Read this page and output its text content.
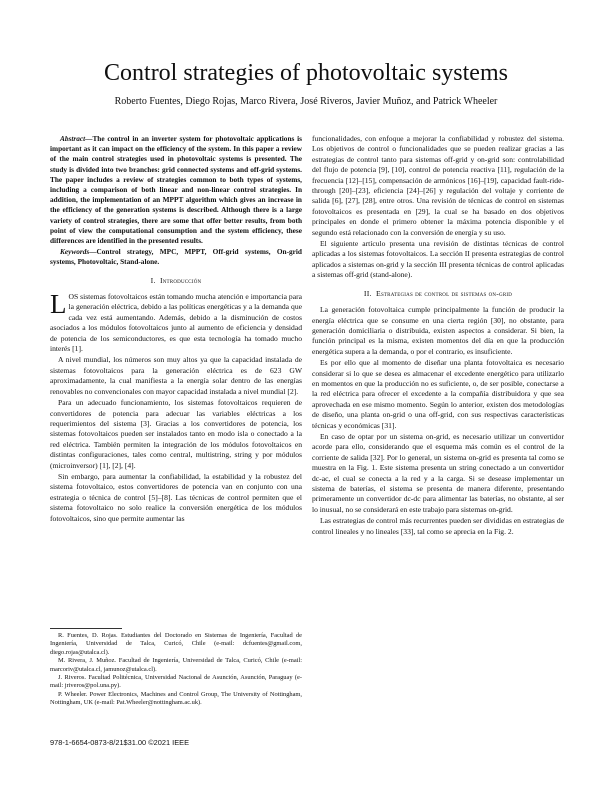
Control strategies of photovoltaic systems
Roberto Fuentes, Diego Rojas, Marco Rivera, José Riveros, Javier Muñoz, and Patrick Wheeler

Abstract—The control in an inverter system for photovoltaic applications is important as it can impact on the efficiency of the system. In this paper a review of the main control strategies used in photovoltaic systems is presented. The study is divided into two branches: grid connected systems and off-grid systems. The paper includes a review of strategies common to both types of systems, including a comparison of both linear and non-linear control strategies. In addition, the implementation of an MPPT algorithm which gives an increase in the efficiency of the generation systems is described. Although there is a large variety of control strategies, there are some that offer better results, from both point of view the computational consumption and the system efficiency, these differences are identified in the presented results.

Keywords—Control strategy, MPC, MPPT, Off-grid systems, On-grid systems, Photovoltaic, Stand-alone.

I. Introducción

LOS sistemas fotovoltaicos están tomando mucha atención e importancia para la generación eléctrica, debido a las políticas energéticas y a la demanda que cada vez está aumentando. Además, debido a la disminución de costos asociados a los módulos fotovoltaicos junto al aumento de eficiencia y densidad de potencia de los semiconductores, es que esta tecnología ha tomado mucho interés [1].

A nivel mundial, los números son muy altos ya que la capacidad instalada de sistemas fotovoltaicos para la generación eléctrica es de 623 GW aproximadamente, la cual manifiesta a la energía solar dentro de las energías renovables no convencionales con mayor capacidad instalada a nivel mundial [2].

Para un adecuado funcionamiento, los sistemas fotovoltaicos requieren de convertidores de potencia para adecuar las variables eléctricas a los requerimientos del sistema [3]. Gracias a los convertidores de potencia, los sistemas fotovoltaicos pueden ser instalados tanto en modo isla o conectado a la red eléctrica. También permiten la integración de los módulos fotovoltaicos en distintas configuraciones, tales como central, multistring, string y por módulos (microinversor) [1], [2], [4].

Sin embargo, para aumentar la confiabilidad, la estabilidad y la robustez del sistema fotovoltaico, estos convertidores de potencia van en conjunto con una estrategia o técnica de control [5]–[8]. Las técnicas de control permiten que el sistema fotovoltaico no solo realice la conversión energética de los módulos fotovoltaicos, sino que permite aumentar las

R. Fuentes, D. Rojas. Estudiantes del Doctorado en Sistemas de Ingeniería, Facultad de Ingeniería, Universidad de Talca, Curicó, Chile (e-mail: dcfuentes@gmail.com, diego.rojas@utalca.cl).

M. Rivera, J. Muñoz. Facultad de Ingeniería, Universidad de Talca, Curicó, Chile (e-mail: marcoriv@utalca.cl, jamunoz@utalca.cl).

J. Riveros. Facultad Politécnica, Universidad Nacional de Asunción, Asunción, Paraguay (e-mail: jriveros@pol.una.py).

P. Wheeler. Power Electronics, Machines and Control Group, The University of Nottingham, Nottingham, UK (e-mail: Pat.Wheeler@nottingham.ac.uk).

funcionalidades, con enfoque a mejorar la confiabilidad y robustez del sistema. Los objetivos de control o funcionalidades que se pueden realizar gracias a las estrategias de control tanto para sistemas off-grid y on-grid son: controlabilidad del flujo de potencia [9], [10], control de potencia reactiva [11], regulación de la frecuencia [12]–[15], compensación de armónicos [16]–[19], capacidad fault-ride-through [20]–[23], eficiencia [24]–[26] y regulación del voltaje y corriente de salida [6], [27], [28], entre otros. Una revisión de técnicas de control en sistemas fotovoltaicos es presentada en [29], la cual se ha basado en dos objetivos principales en donde el primero obtener la máxima potencia disponible y el segundo está relacionado con la conversión de energía y su uso.

El siguiente artículo presenta una revisión de distintas técnicas de control aplicadas a los sistemas fotovoltaicos. La sección II presenta estrategias de control aplicados a sistemas on-grid y la sección III presenta técnicas de control aplicadas a sistemas off-grid (stand-alone).

II. Estrategias de control de sistemas on-grid

La generación fotovoltaica cumple principalmente la función de producir la energía eléctrica que se consume en una cierta región [30], no obstante, para generación domiciliaria o distribuida, existen aspectos a considerar. Si bien, la función principal es la misma, existen momentos del día en que la producción energética supera a la demanda, o por el contrario, es insuficiente.

Es por ello que al momento de diseñar una planta fotovoltaica es necesario considerar si lo que se desea es almacenar el excedente energético para utilizarlo en momentos en que la producción no es suficiente, o, de ser posible, conectarse a la red eléctrica para ofrecer el excedente a la compañía distribuidora y que sea aprovechada en ese mismo momento. Según lo anterior, existen dos metodologías de diseño, una planta on-grid o una off-grid, con sus respectivas características técnicas y económicas [31].

En caso de optar por un sistema on-grid, es necesario utilizar un convertidor acorde para ello, considerando que el esquema más común es el control de la corriente de salida [32]. Por lo general, un sistema on-grid es presenta tal como se muestra en la Fig. 1. Este sistema presenta un string conectado a un convertidor dc-ac, el cual se conecta a la red y a la carga. Si se desease implementar un sistema de baterías, el sistema se presenta de manera diferente, presentando primeramente un convertidor dc-dc para alimentar las baterías, no obstante, al ser lo inusual, no se considerará en este trabajo para sistemas on-grid.

Las estrategias de control más recurrentes pueden ser divididas en estrategias de control lineales y no lineales [33], tal como se aprecia en la Fig. 2.

978-1-6654-0873-8/21$31.00 ©2021 IEEE
